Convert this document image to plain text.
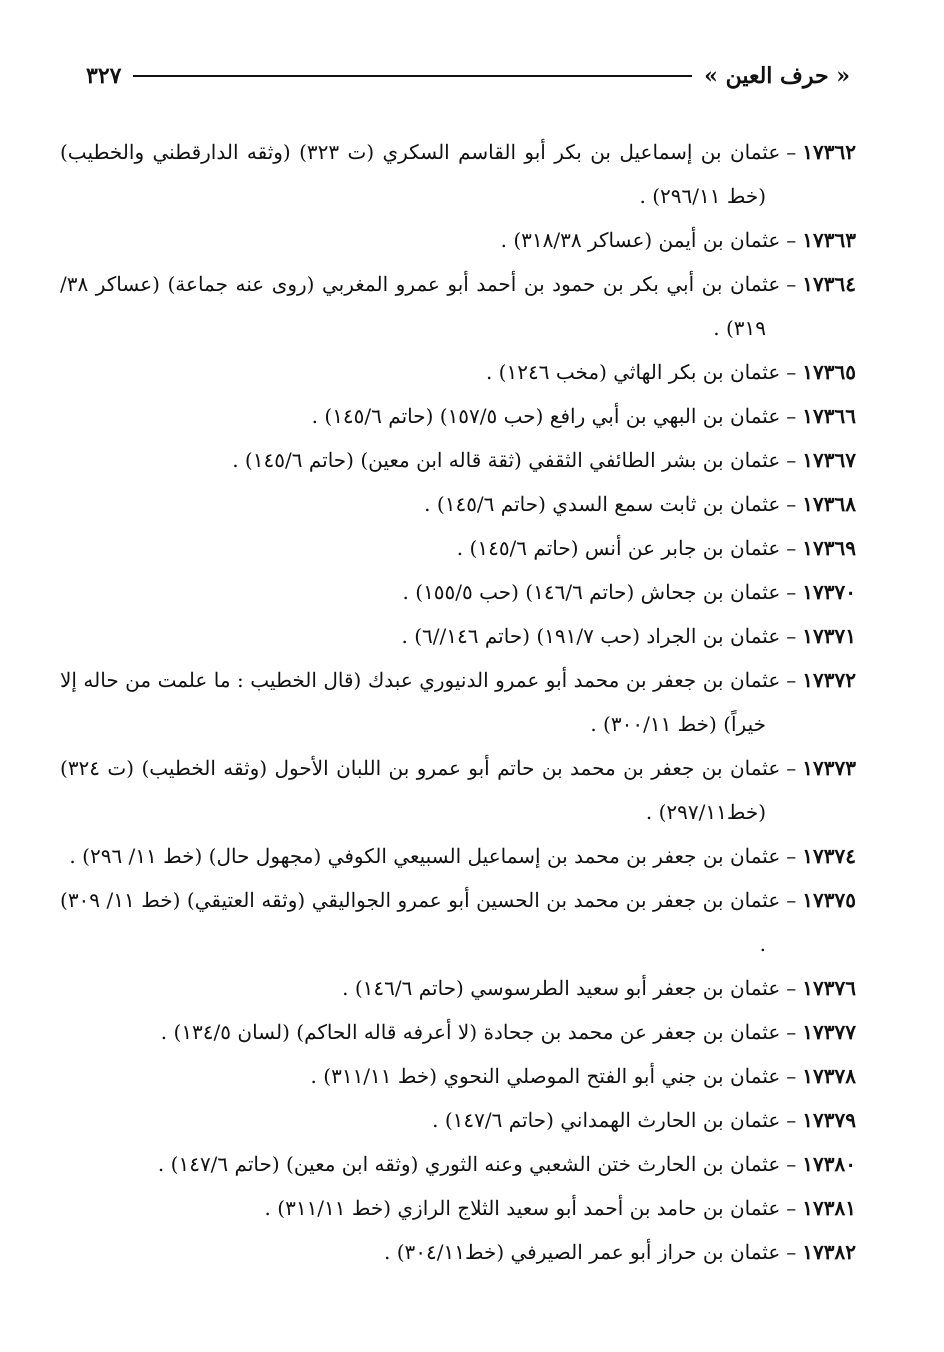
« حرف العين »
٣٢٧

١٧٣٦٢–عثمان بن إسماعيل بن بكر أبو القاسم السكري (ت ٣٢٣) (وثقه الدارقطني والخطيب) (خط ٢٩٦/١١) .

١٧٣٦٣–عثمان بن أيمن (عساكر ٣١٨/٣٨) .

١٧٣٦٤–عثمان بن أبي بكر بن حمود بن أحمد أبو عمرو المغربي (روى عنه جماعة) (عساكر ٣٨/ ٣١٩) .

١٧٣٦٥–عثمان بن بكر الهاثي (مخب ١٢٤٦) .

١٧٣٦٦–عثمان بن البهي بن أبي رافع (حب ١٥٧/٥) (حاتم ١٤٥/٦) .

١٧٣٦٧–عثمان بن بشر الطائفي الثقفي (ثقة قاله ابن معين) (حاتم ١٤٥/٦) .

١٧٣٦٨–عثمان بن ثابت سمع السدي (حاتم ١٤٥/٦) .

١٧٣٦٩–عثمان بن جابر عن أنس (حاتم ١٤٥/٦) .

١٧٣٧٠–عثمان بن جحاش (حاتم ١٤٦/٦) (حب ١٥٥/٥) .

١٧٣٧١–عثمان بن الجراد (حب ١٩١/٧) (حاتم ١٤٦//٦) .

١٧٣٧٢–عثمان بن جعفر بن محمد أبو عمرو الدنيوري عبدك (قال الخطيب : ما علمت من حاله إلا خيراً) (خط ٣٠٠/١١) .

١٧٣٧٣–عثمان بن جعفر بن محمد بن حاتم أبو عمرو بن اللبان الأحول (وثقه الخطيب) (ت ٣٢٤) (خط٢٩٧/١١) .

١٧٣٧٤–عثمان بن جعفر بن محمد بن إسماعيل السبيعي الكوفي (مجهول حال) (خط ١١/ ٢٩٦) .

١٧٣٧٥–عثمان بن جعفر بن محمد بن الحسين أبو عمرو الجواليقي (وثقه العتيقي) (خط ١١/ ٣٠٩) .

١٧٣٧٦–عثمان بن جعفر أبو سعيد الطرسوسي (حاتم ١٤٦/٦) .

١٧٣٧٧–عثمان بن جعفر عن محمد بن جحادة (لا أعرفه قاله الحاكم) (لسان ١٣٤/٥) .

١٧٣٧٨–عثمان بن جني أبو الفتح الموصلي النحوي (خط ٣١١/١١) .

١٧٣٧٩–عثمان بن الحارث الهمداني (حاتم ١٤٧/٦) .

١٧٣٨٠–عثمان بن الحارث ختن الشعبي وعنه الثوري (وثقه ابن معين) (حاتم ١٤٧/٦) .

١٧٣٨١–عثمان بن حامد بن أحمد أبو سعيد الثلاج الرازي (خط ٣١١/١١) .

١٧٣٨٢–عثمان بن حراز أبو عمر الصيرفي (خط٣٠٤/١١) .
